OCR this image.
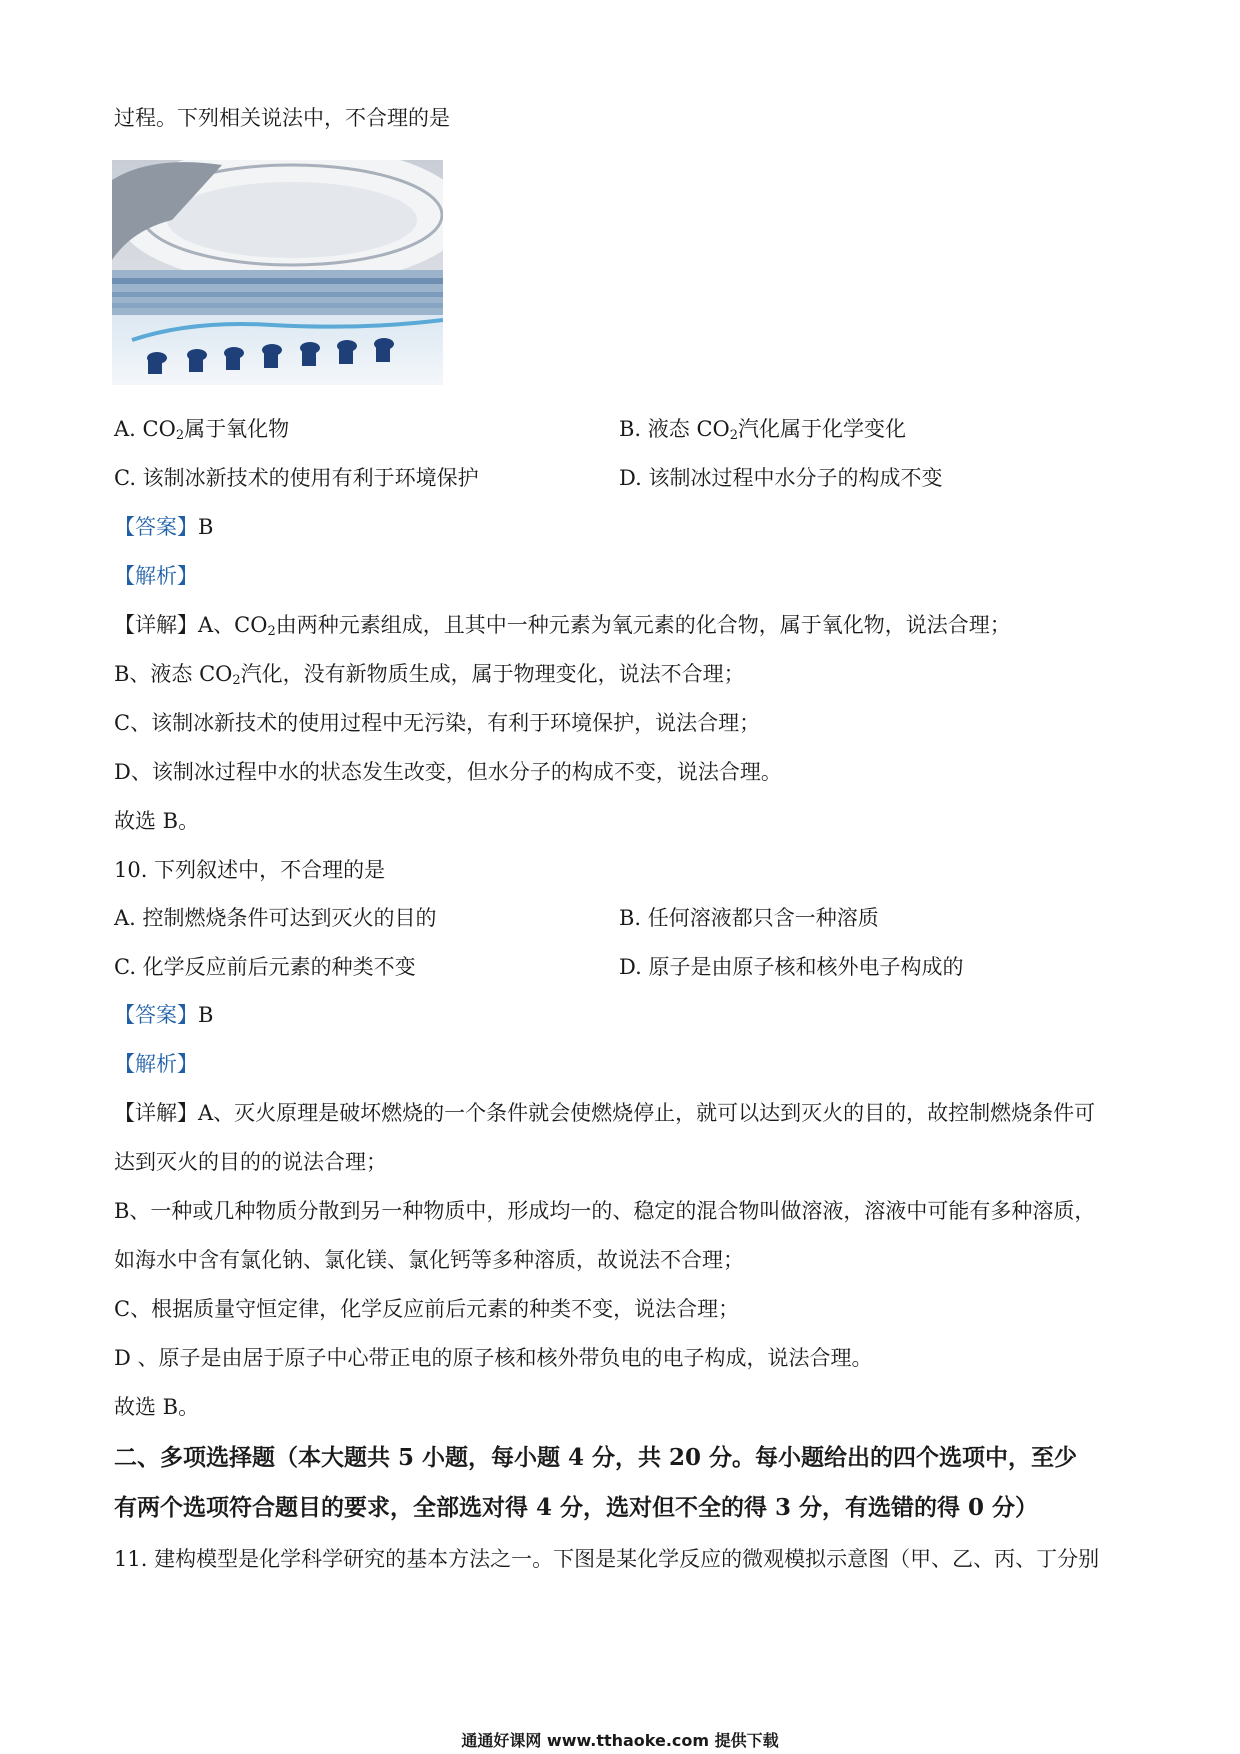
过程。下列相关说法中，不合理的是
A. $CO_2$属于氧化物	B. 液态 $CO_2$汽化属于化学变化
C. 该制冰新技术的使用有利于环境保护	D. 该制冰过程中水分子的构成不变
【答案】B
【解析】
【详解】A、$CO_2$由两种元素组成，且其中一种元素为氧元素的化合物，属于氧化物，说法合理；
B、液态 $CO_2$汽化，没有新物质生成，属于物理变化，说法不合理；
C、该制冰新技术的使用过程中无污染，有利于环境保护，说法合理；
D、该制冰过程中水的状态发生改变，但水分子的构成不变，说法合理。
故选 B。
10. 下列叙述中，不合理的是
A. 控制燃烧条件可达到灭火的目的	B. 任何溶液都只含一种溶质
C. 化学反应前后元素的种类不变	D. 原子是由原子核和核外电子构成的
【答案】B
【解析】
【详解】A、灭火原理是破坏燃烧的一个条件就会使燃烧停止，就可以达到灭火的目的，故控制燃烧条件可
达到灭火的目的的说法合理；
B、一种或几种物质分散到另一种物质中，形成均一的、稳定的混合物叫做溶液，溶液中可能有多种溶质，
如海水中含有氯化钠、氯化镁、氯化钙等多种溶质，故说法不合理；
C、根据质量守恒定律，化学反应前后元素的种类不变，说法合理；
D 、原子是由居于原子中心带正电的原子核和核外带负电的电子构成，说法合理。
故选 B。
二、多项选择题（本大题共 5 小题，每小题 4 分，共 20 分。每小题给出的四个选项中，至少
有两个选项符合题目的要求，全部选对得 4 分，选对但不全的得 3 分，有选错的得 0 分）
11. 建构模型是化学科学研究的基本方法之一。下图是某化学反应的微观模拟示意图（甲、乙、丙、丁分别
通通好课网 www.tthaoke.com 提供下载
